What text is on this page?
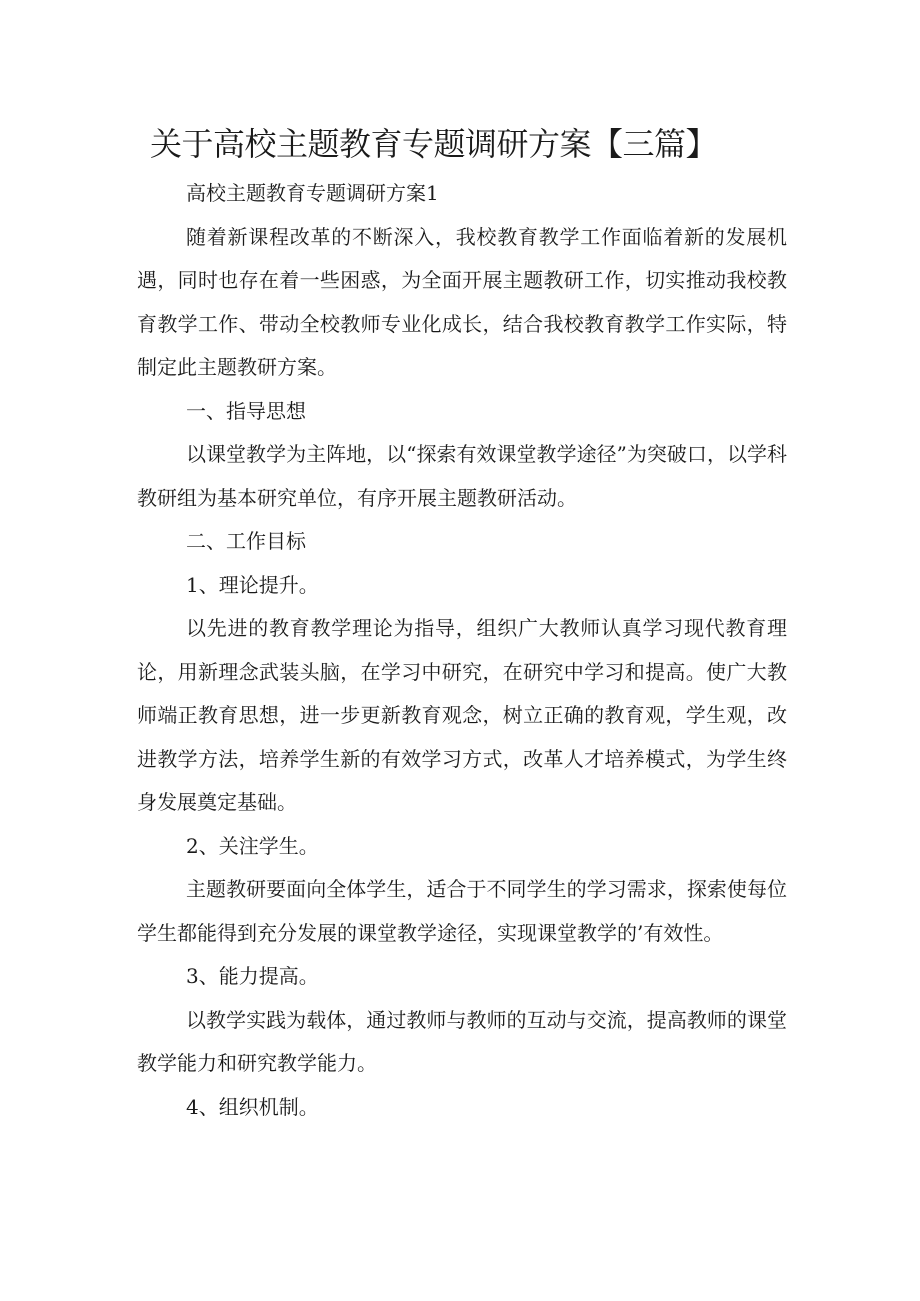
关于高校主题教育专题调研方案【三篇】

高校主题教育专题调研方案1

随着新课程改革的不断深入，我校教育教学工作面临着新的发展机遇，同时也存在着一些困惑，为全面开展主题教研工作，切实推动我校教育教学工作、带动全校教师专业化成长，结合我校教育教学工作实际，特制定此主题教研方案。

一、指导思想

以课堂教学为主阵地，以“探索有效课堂教学途径”为突破口，以学科教研组为基本研究单位，有序开展主题教研活动。

二、工作目标

1、理论提升。

以先进的教育教学理论为指导，组织广大教师认真学习现代教育理论，用新理念武装头脑，在学习中研究，在研究中学习和提高。使广大教师端正教育思想，进一步更新教育观念，树立正确的教育观，学生观，改进教学方法，培养学生新的有效学习方式，改革人才培养模式，为学生终身发展奠定基础。

2、关注学生。

主题教研要面向全体学生，适合于不同学生的学习需求，探索使每位学生都能得到充分发展的课堂教学途径，实现课堂教学的’有效性。

3、能力提高。

以教学实践为载体，通过教师与教师的互动与交流，提高教师的课堂教学能力和研究教学能力。

4、组织机制。
